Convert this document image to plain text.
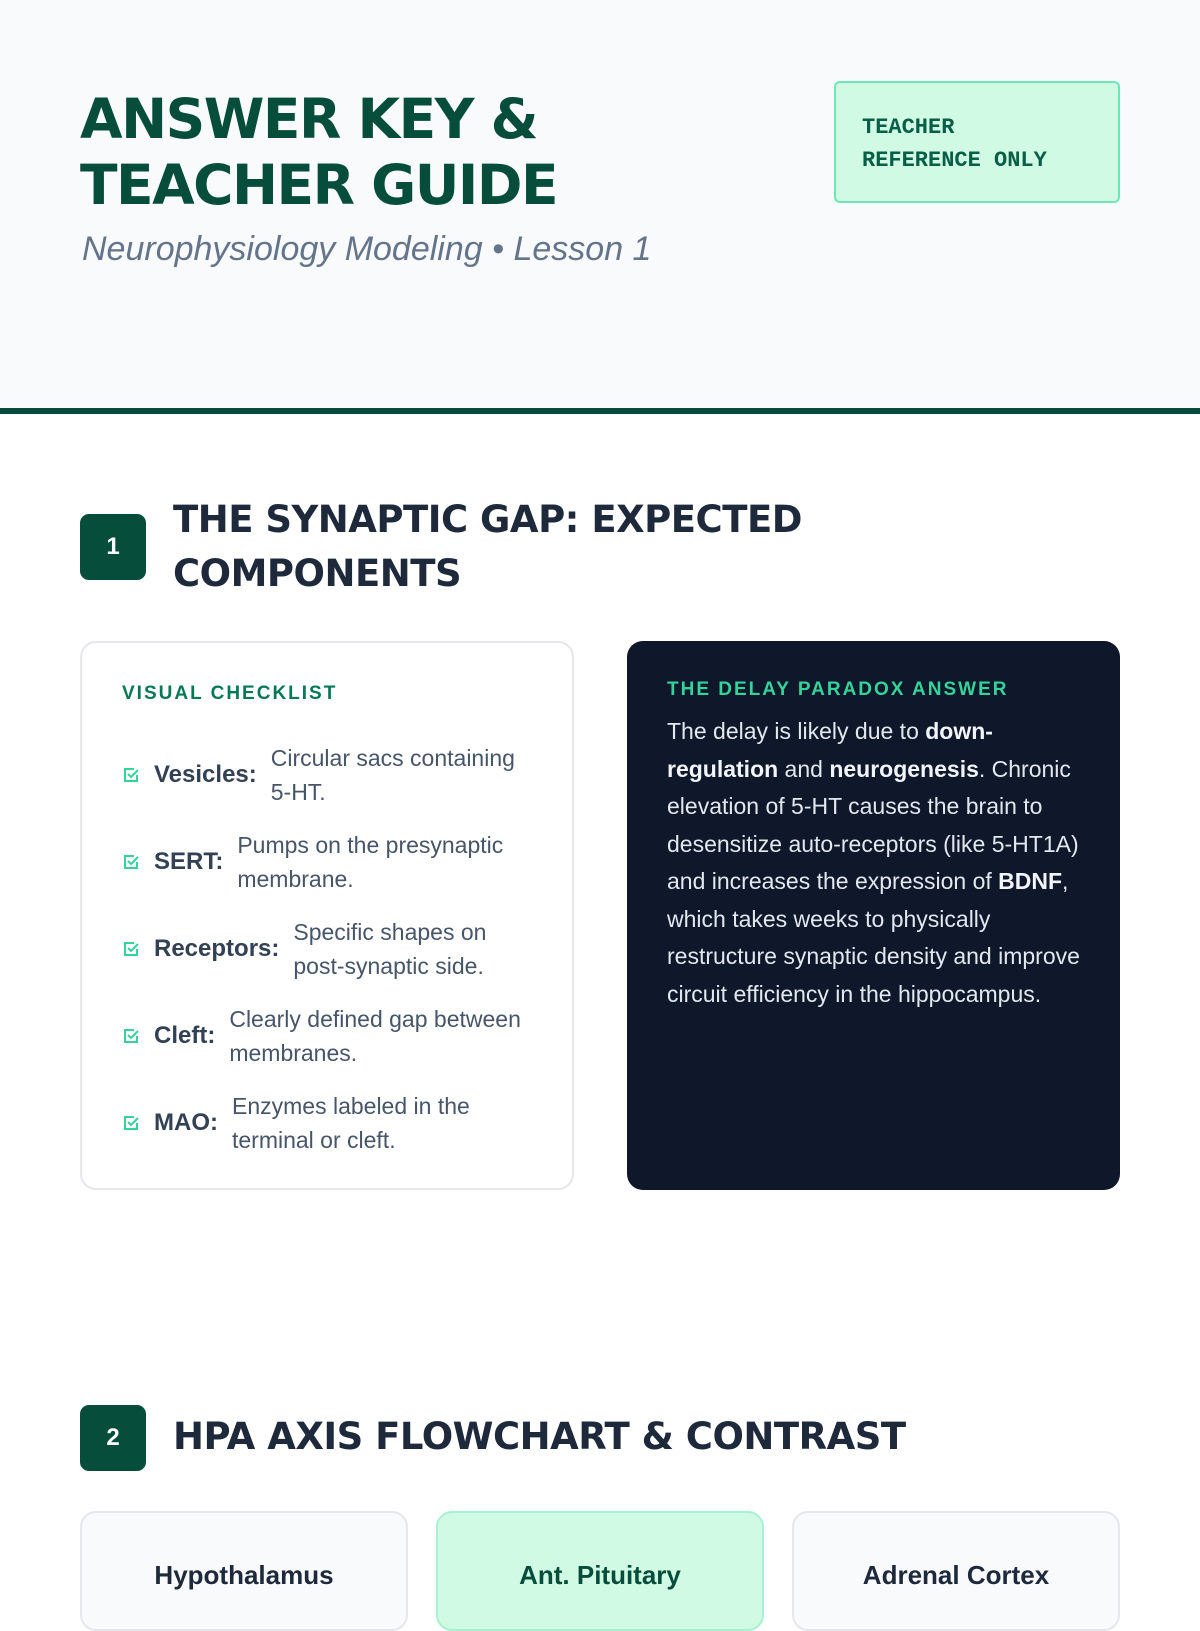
ANSWER KEY &
TEACHER GUIDE
Neurophysiology Modeling • Lesson 1
TEACHER
REFERENCE ONLY
1
THE SYNAPTIC GAP: EXPECTED
COMPONENTS
VISUAL CHECKLIST
Vesicles:
Circular sacs containing 5-HT.
SERT:
Pumps on the presynaptic membrane.
Receptors:
Specific shapes on post-synaptic side.
Cleft:
Clearly defined gap between membranes.
MAO:
Enzymes labeled in the terminal or cleft.
THE DELAY PARADOX ANSWER
The delay is likely due to down-regulation and neurogenesis. Chronic elevation of 5-HT causes the brain to desensitize auto-receptors (like 5-HT1A) and increases the expression of BDNF, which takes weeks to physically restructure synaptic density and improve circuit efficiency in the hippocampus.
2	HPA AXIS FLOWCHART & CONTRAST
Hypothalamus	Ant. Pituitary	Adrenal Cortex
